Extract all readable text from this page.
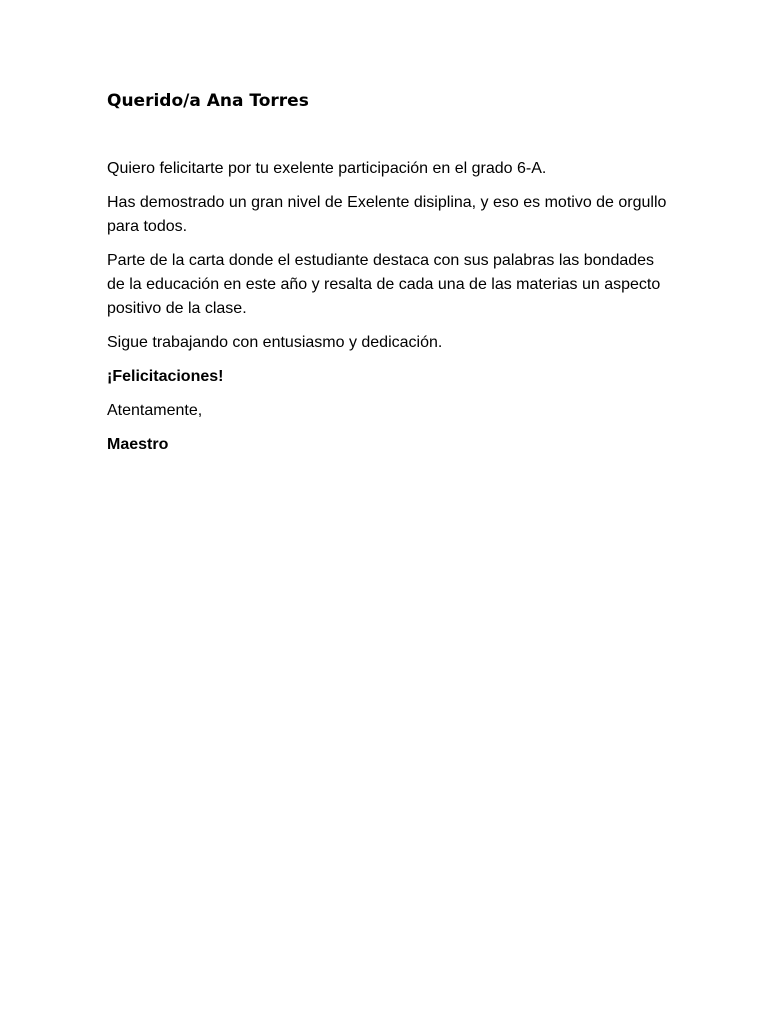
Querido/a Ana Torres

Quiero felicitarte por tu exelente participación en el grado 6-A.

Has demostrado un gran nivel de Exelente disiplina, y eso es motivo de orgullo para todos.

Parte de la carta donde el estudiante destaca con sus palabras las bondades de la educación en este año y resalta de cada una de las materias un aspecto positivo de la clase.

Sigue trabajando con entusiasmo y dedicación.

¡Felicitaciones!

Atentamente,

Maestro
